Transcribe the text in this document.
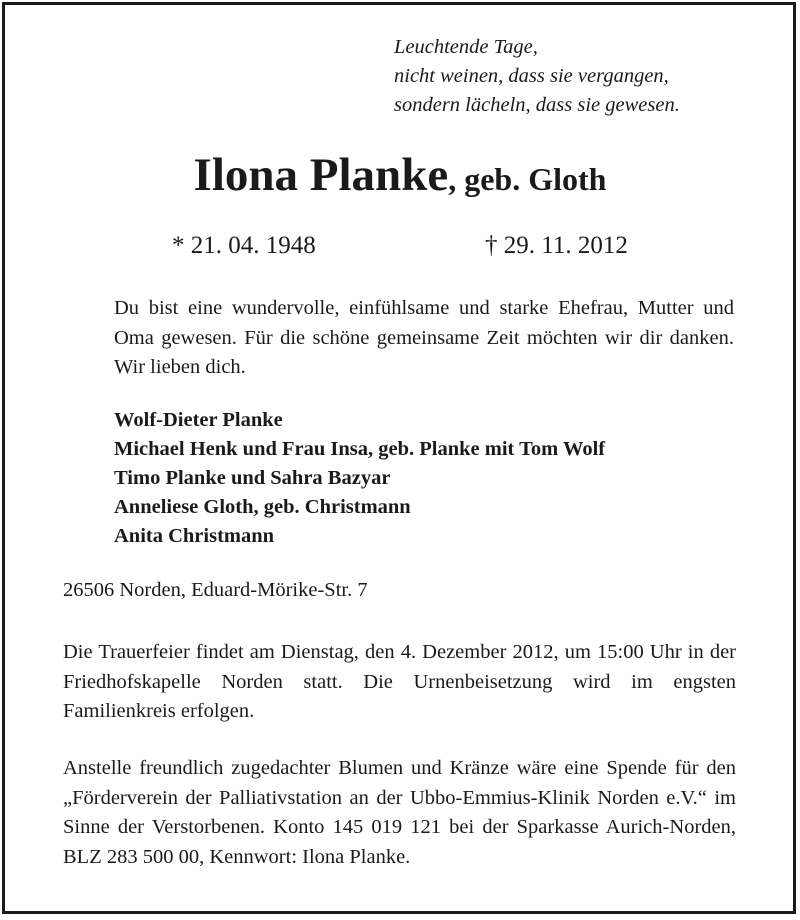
Leuchtende Tage,
nicht weinen, dass sie vergangen,
sondern lächeln, dass sie gewesen.
Ilona Planke, geb. Gloth
* 21. 04. 1948	† 29. 11. 2012
Du bist eine wundervolle, einfühlsame und starke Ehefrau, Mutter und Oma gewesen. Für die schöne gemeinsame Zeit möchten wir dir danken. Wir lieben dich.
Wolf-Dieter Planke
Michael Henk und Frau Insa, geb. Planke mit Tom Wolf
Timo Planke und Sahra Bazyar
Anneliese Gloth, geb. Christmann
Anita Christmann
26506 Norden, Eduard-Mörike-Str. 7
Die Trauerfeier findet am Dienstag, den 4. Dezember 2012, um 15:00 Uhr in der Friedhofskapelle Norden statt. Die Urnenbeisetzung wird im engsten Familienkreis erfolgen.
Anstelle freundlich zugedachter Blumen und Kränze wäre eine Spende für den „Förderverein der Palliativstation an der Ubbo-Emmius-Klinik Norden e.V.“ im Sinne der Verstorbenen. Konto 145 019 121 bei der Sparkasse Aurich-Norden, BLZ 283 500 00, Kennwort: Ilona Planke.
